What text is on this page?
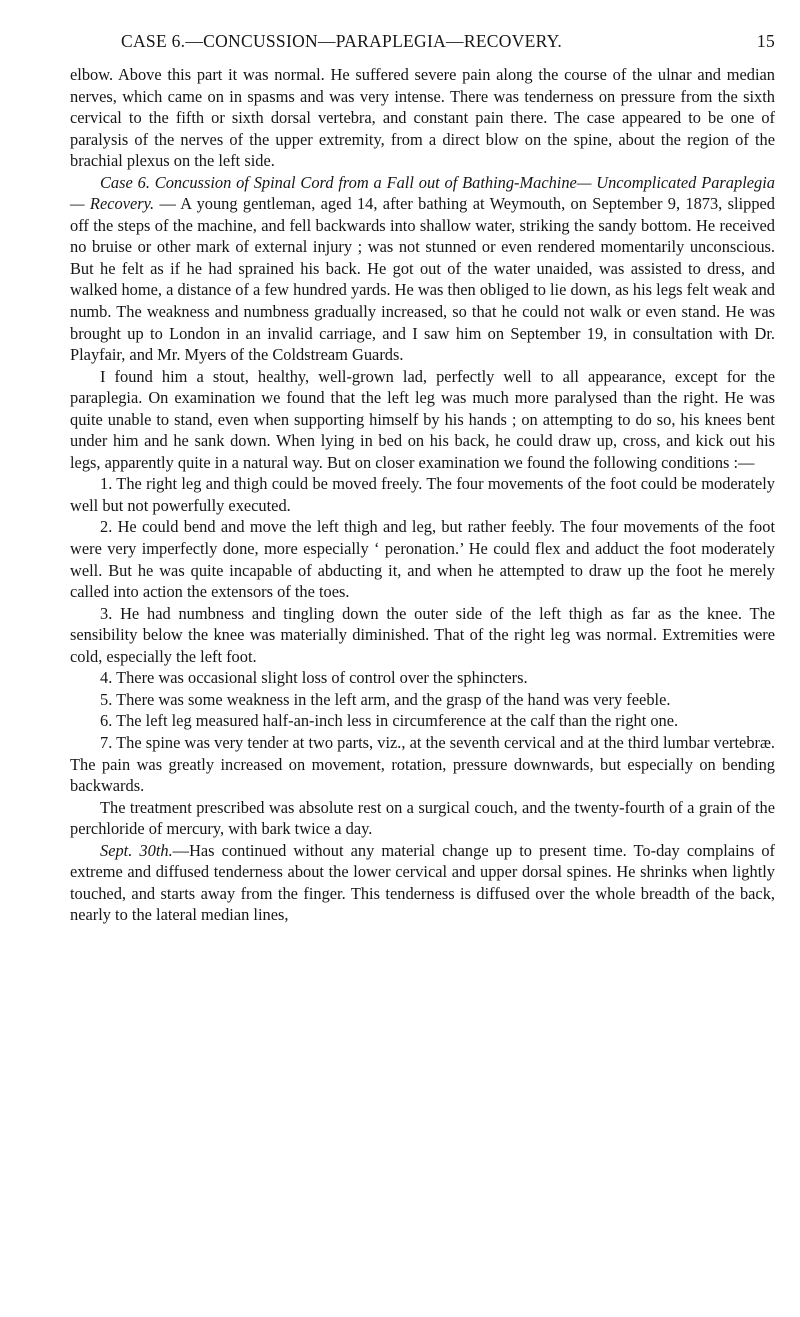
CASE 6.—CONCUSSION—PARAPLEGIA—RECOVERY.	15

elbow. Above this part it was normal. He suffered severe pain along the course of the ulnar and median nerves, which came on in spasms and was very intense. There was tenderness on pressure from the sixth cervical to the fifth or sixth dorsal vertebra, and constant pain there. The case appeared to be one of paralysis of the nerves of the upper extremity, from a direct blow on the spine, about the region of the brachial plexus on the left side.

Case 6. Concussion of Spinal Cord from a Fall out of Bathing-Machine— Uncomplicated Paraplegia — Recovery. — A young gentleman, aged 14, after bathing at Weymouth, on September 9, 1873, slipped off the steps of the machine, and fell backwards into shallow water, striking the sandy bottom. He received no bruise or other mark of external injury ; was not stunned or even rendered momentarily unconscious. But he felt as if he had sprained his back. He got out of the water unaided, was assisted to dress, and walked home, a distance of a few hundred yards. He was then obliged to lie down, as his legs felt weak and numb. The weakness and numbness gradually increased, so that he could not walk or even stand. He was brought up to London in an invalid carriage, and I saw him on September 19, in consultation with Dr. Playfair, and Mr. Myers of the Coldstream Guards.

I found him a stout, healthy, well-grown lad, perfectly well to all appearance, except for the paraplegia. On examination we found that the left leg was much more paralysed than the right. He was quite unable to stand, even when supporting himself by his hands ; on attempting to do so, his knees bent under him and he sank down. When lying in bed on his back, he could draw up, cross, and kick out his legs, apparently quite in a natural way. But on closer examination we found the following conditions :—

1. The right leg and thigh could be moved freely. The four movements of the foot could be moderately well but not powerfully executed.

2. He could bend and move the left thigh and leg, but rather feebly. The four movements of the foot were very imperfectly done, more especially ‘ peronation.’ He could flex and adduct the foot moderately well. But he was quite incapable of abducting it, and when he attempted to draw up the foot he merely called into action the extensors of the toes.

3. He had numbness and tingling down the outer side of the left thigh as far as the knee. The sensibility below the knee was materially diminished. That of the right leg was normal. Extremities were cold, especially the left foot.

4. There was occasional slight loss of control over the sphincters.

5. There was some weakness in the left arm, and the grasp of the hand was very feeble.

6. The left leg measured half-an-inch less in circumference at the calf than the right one.

7. The spine was very tender at two parts, viz., at the seventh cervical and at the third lumbar vertebræ. The pain was greatly increased on movement, rotation, pressure downwards, but especially on bending backwards.

The treatment prescribed was absolute rest on a surgical couch, and the twenty-fourth of a grain of the perchloride of mercury, with bark twice a day.

Sept. 30th.—Has continued without any material change up to present time. To-day complains of extreme and diffused tenderness about the lower cervical and upper dorsal spines. He shrinks when lightly touched, and starts away from the finger. This tenderness is diffused over the whole breadth of the back, nearly to the lateral median lines,
